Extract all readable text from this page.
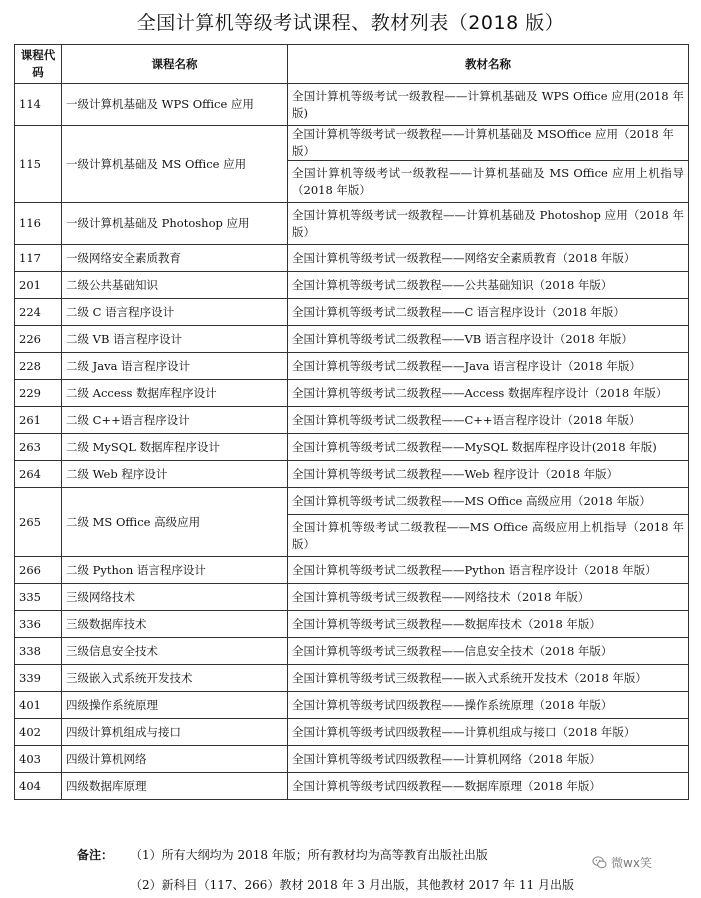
全国计算机等级考试课程、教材列表（2018 版）
课程代码	课程名称	教材名称
114	一级计算机基础及 WPS Office 应用	全国计算机等级考试一级教程——计算机基础及 WPS Office 应用(2018 年版)
115	一级计算机基础及 MS Office 应用	全国计算机等级考试一级教程——计算机基础及 MSOffice 应用（2018 年版）
		全国计算机等级考试一级教程——计算机基础及 MS Office 应用上机指导（2018 年版）
116	一级计算机基础及 Photoshop 应用	全国计算机等级考试一级教程——计算机基础及 Photoshop 应用（2018 年版）
117	一级网络安全素质教育	全国计算机等级考试一级教程——网络安全素质教育（2018 年版）
201	二级公共基础知识	全国计算机等级考试二级教程——公共基础知识（2018 年版）
224	二级 C 语言程序设计	全国计算机等级考试二级教程——C 语言程序设计（2018 年版）
226	二级 VB 语言程序设计	全国计算机等级考试二级教程——VB 语言程序设计（2018 年版）
228	二级 Java 语言程序设计	全国计算机等级考试二级教程——Java 语言程序设计（2018 年版）
229	二级 Access 数据库程序设计	全国计算机等级考试二级教程——Access 数据库程序设计（2018 年版）
261	二级 C++语言程序设计	全国计算机等级考试二级教程——C++语言程序设计（2018 年版）
263	二级 MySQL 数据库程序设计	全国计算机等级考试二级教程——MySQL 数据库程序设计(2018 年版)
264	二级 Web 程序设计	全国计算机等级考试二级教程——Web 程序设计（2018 年版）
265	二级 MS Office 高级应用	全国计算机等级考试二级教程——MS Office 高级应用（2018 年版）
		全国计算机等级考试二级教程——MS Office 高级应用上机指导（2018 年版）
266	二级 Python 语言程序设计	全国计算机等级考试二级教程——Python 语言程序设计（2018 年版）
335	三级网络技术	全国计算机等级考试三级教程——网络技术（2018 年版）
336	三级数据库技术	全国计算机等级考试三级教程——数据库技术（2018 年版）
338	三级信息安全技术	全国计算机等级考试三级教程——信息安全技术（2018 年版）
339	三级嵌入式系统开发技术	全国计算机等级考试三级教程——嵌入式系统开发技术（2018 年版）
401	四级操作系统原理	全国计算机等级考试四级教程——操作系统原理（2018 年版）
402	四级计算机组成与接口	全国计算机等级考试四级教程——计算机组成与接口（2018 年版）
403	四级计算机网络	全国计算机等级考试四级教程——计算机网络（2018 年版）
404	四级数据库原理	全国计算机等级考试四级教程——数据库原理（2018 年版）
备注： （1）所有大纲均为 2018 年版；所有教材均为高等教育出版社出版
（2）新科目（117、266）教材 2018 年 3 月出版，其他教材 2017 年 11 月出版
微wx笑
